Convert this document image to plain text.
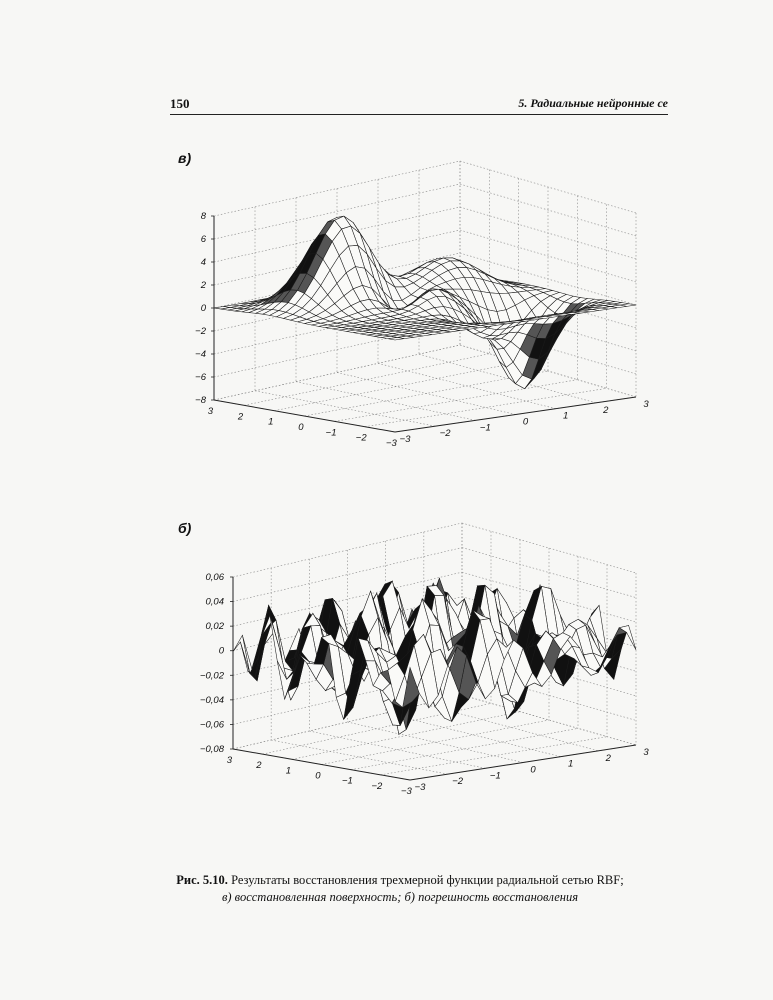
150	5. Радиальные нейронные се
в)
б)
8
6
4
2
0
−2
−4
−6
−8
3	2	1	0 −1 −2 −3 −3
−2
−1
0
1
2
3
0,06
0,04
0,02
0
−0,02
−0,04
−0,06
−0,08
3	2	1	0 −1 −2 −3 −3
−2
−1
0
1
2
3
Рис. 5.10. Результаты восстановления трехмерной функции радиальной сетью RBF;
в) восстановленная поверхность; б) погрешность восстановления
